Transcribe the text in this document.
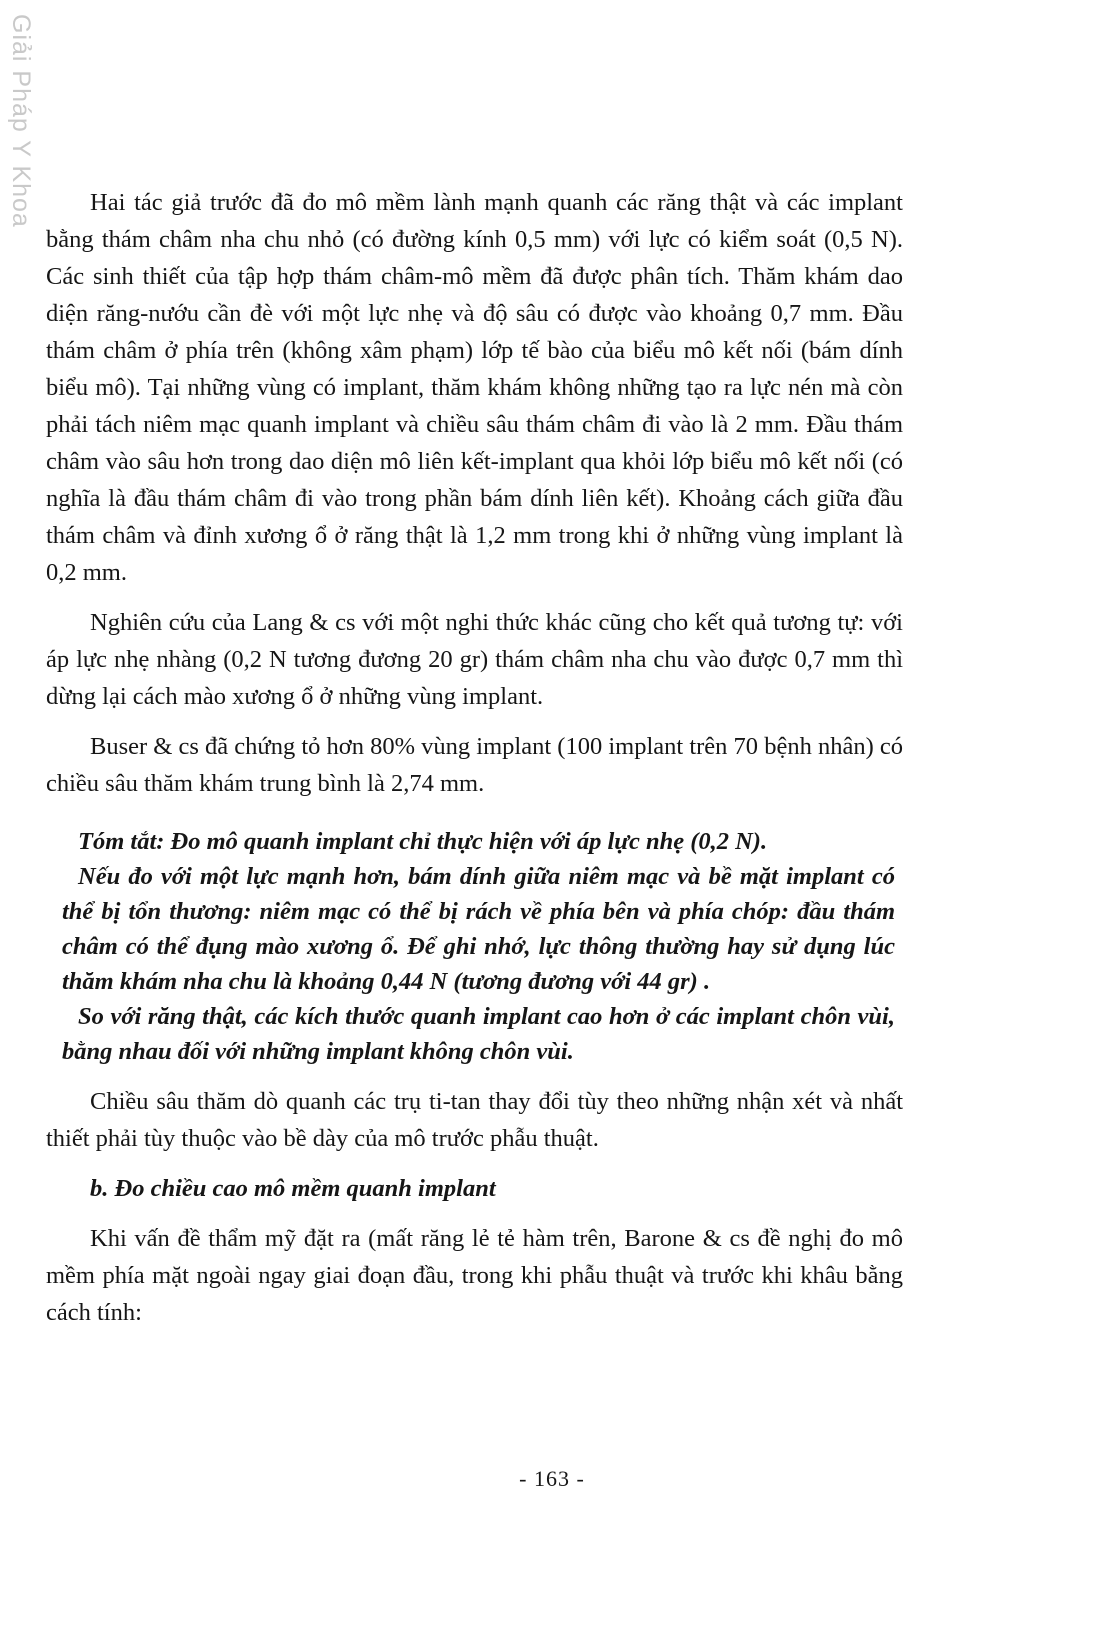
Giải Pháp Y Khoa	Hai tác giả trước đã đo mô mềm lành mạnh quanh các răng thật và các implant bằng thám châm nha chu nhỏ (có đường kính 0,5 mm) với lực có kiểm soát (0,5 N). Các sinh thiết của tập hợp thám châm-mô mềm đã được phân tích. Thăm khám dao diện răng-nướu cần đè với một lực nhẹ và độ sâu có được vào khoảng 0,7 mm. Đầu thám châm ở phía trên (không xâm phạm) lớp tế bào của biểu mô kết nối (bám dính biểu mô). Tại những vùng có implant, thăm khám không những tạo ra lực nén mà còn phải tách niêm mạc quanh implant và chiều sâu thám châm đi vào là 2 mm. Đầu thám châm vào sâu hơn trong dao diện mô liên kết-implant qua khỏi lớp biểu mô kết nối (có nghĩa là đầu thám châm đi vào trong phần bám dính liên kết). Khoảng cách giữa đầu thám châm và đỉnh xương ổ ở răng thật là 1,2 mm trong khi ở những vùng implant là 0,2 mm.

Nghiên cứu của Lang & cs với một nghi thức khác cũng cho kết quả tương tự: với áp lực nhẹ nhàng (0,2 N tương đương 20 gr) thám châm nha chu vào được 0,7 mm thì dừng lại cách mào xương ổ ở những vùng implant.

Buser & cs đã chứng tỏ hơn 80% vùng implant (100 implant trên 70 bệnh nhân) có chiều sâu thăm khám trung bình là 2,74 mm.

Tóm tắt: Đo mô quanh implant chỉ thực hiện với áp lực nhẹ (0,2 N).

Nếu đo với một lực mạnh hơn, bám dính giữa niêm mạc và bề mặt implant có thể bị tổn thương: niêm mạc có thể bị rách về phía bên và phía chóp: đầu thám châm có thể đụng mào xương ổ. Để ghi nhớ, lực thông thường hay sử dụng lúc thăm khám nha chu là khoảng 0,44 N (tương đương với 44 gr) .

So với răng thật, các kích thước quanh implant cao hơn ở các implant chôn vùi, bằng nhau đối với những implant không chôn vùi.

Chiều sâu thăm dò quanh các trụ ti-tan thay đổi tùy theo những nhận xét và nhất thiết phải tùy thuộc vào bề dày của mô trước phẫu thuật.

b. Đo chiều cao mô mềm quanh implant

Khi vấn đề thẩm mỹ đặt ra (mất răng lẻ tẻ hàm trên, Barone & cs đề nghị đo mô mềm phía mặt ngoài ngay giai đoạn đầu, trong khi phẫu thuật và trước khi khâu bằng cách tính:

- 163 -
